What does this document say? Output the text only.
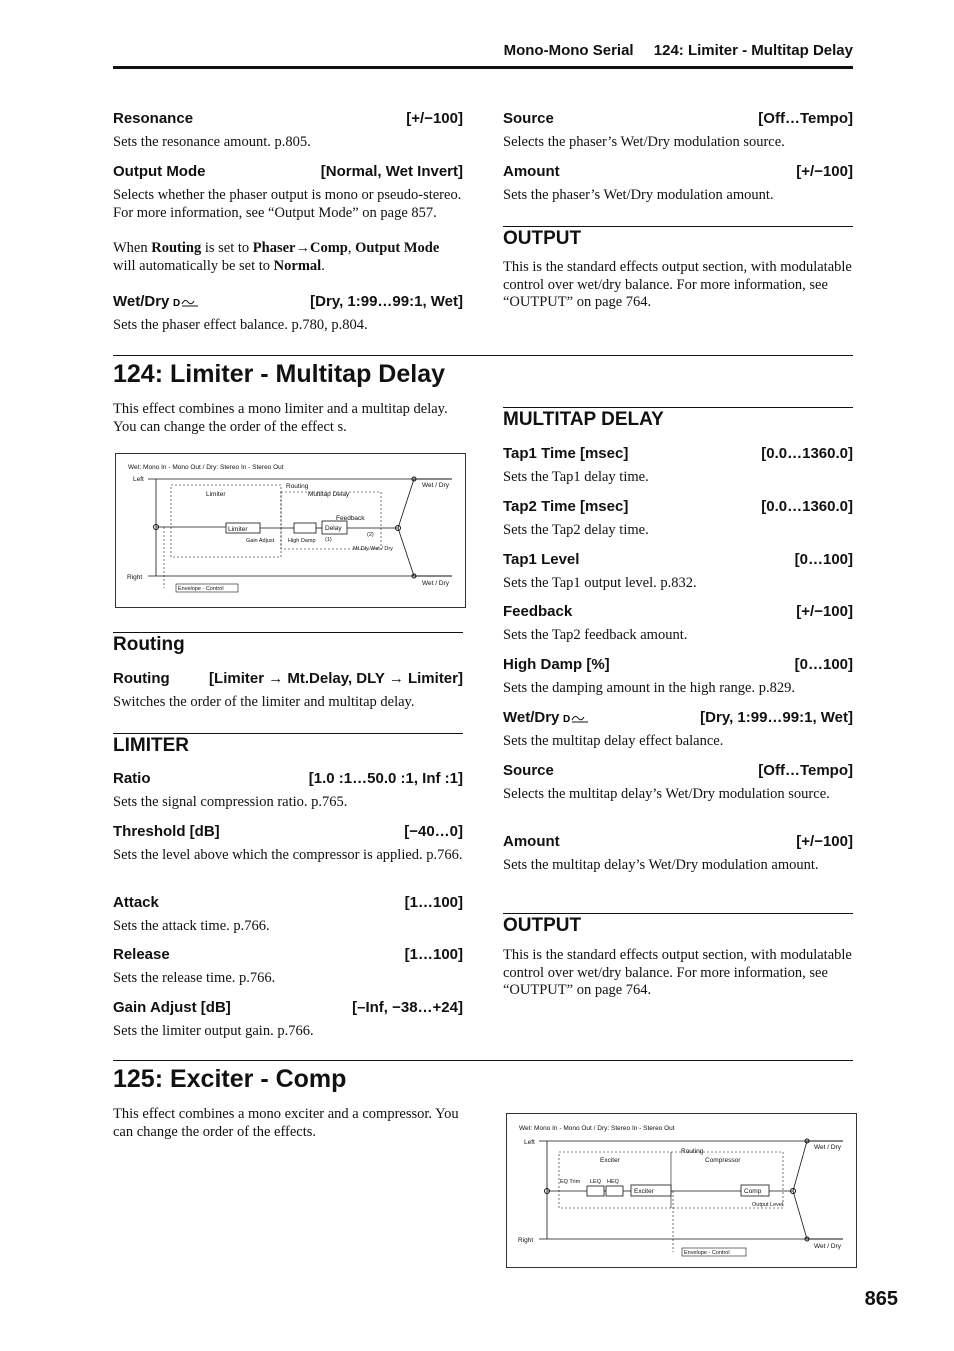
Mono-Mono Serial 124: Limiter - Multitap Delay
Resonance	[+/−100]
Sets the resonance amount. p.805.
Output Mode	[Normal, Wet Invert]
Selects whether the phaser output is mono or pseudo-stereo. For more information, see “Output Mode” on page 857.
When Routing is set to Phaser→Comp, Output Mode will automatically be set to Normal.
Wet/Dry D	[Dry, 1:99…99:1, Wet]
Sets the phaser effect balance. p.780, p.804.
Source	[Off…Tempo]
Selects the phaser’s Wet/Dry modulation source.
Amount	[+/−100]
Sets the phaser’s Wet/Dry modulation amount.
OUTPUT
This is the standard effects output section, with modulatable control over wet/dry balance. For more information, see “OUTPUT” on page 764.
124: Limiter - Multitap Delay
This effect combines a mono limiter and a multitap delay. You can change the order of the effect s.
Wet: Mono In - Mono Out / Dry: Stereo In - Stereo Out
Left
Right
Wet / Dry
Wet / Dry
Limiter	Multitap Delay
Routing
Limiter	Delay
Feedback
Gain Adjust	High Damp
Mt.Dly Wet / Dry
(1)
(2)
Envelope - Control
Routing
Routing	[Limiter → Mt.Delay, DLY → Limiter]
Switches the order of the limiter and multitap delay.
LIMITER
Ratio	[1.0 :1…50.0 :1, Inf :1]
Sets the signal compression ratio. p.765.
Threshold [dB]	[−40…0]
Sets the level above which the compressor is applied. p.766.
Attack	[1…100]
Sets the attack time. p.766.
Release	[1…100]
Sets the release time. p.766.
Gain Adjust [dB]	[–Inf, −38…+24]
Sets the limiter output gain. p.766.
MULTITAP DELAY
Tap1 Time [msec]	[0.0…1360.0]
Sets the Tap1 delay time.
Tap2 Time [msec]	[0.0…1360.0]
Sets the Tap2 delay time.
Tap1 Level	[0…100]
Sets the Tap1 output level. p.832.
Feedback	[+/−100]
Sets the Tap2 feedback amount.
High Damp [%]	[0…100]
Sets the damping amount in the high range. p.829.
Wet/Dry D	[Dry, 1:99…99:1, Wet]
Sets the multitap delay effect balance.
Source	[Off…Tempo]
Selects the multitap delay’s Wet/Dry modulation source.
Amount	[+/−100]
Sets the multitap delay’s Wet/Dry modulation amount.
OUTPUT
This is the standard effects output section, with modulatable control over wet/dry balance. For more information, see “OUTPUT” on page 764.
125: Exciter - Comp
This effect combines a mono exciter and a compressor. You can change the order of the effects.	Wet: Mono In - Mono Out / Dry: Stereo In - Stereo Out
Left
Right
Wet / Dry
Wet / Dry
Exciter	Compressor
Routing
EQ Trim LEQ HEQ
Exciter	Comp
Output Level
Envelope - Control
865
